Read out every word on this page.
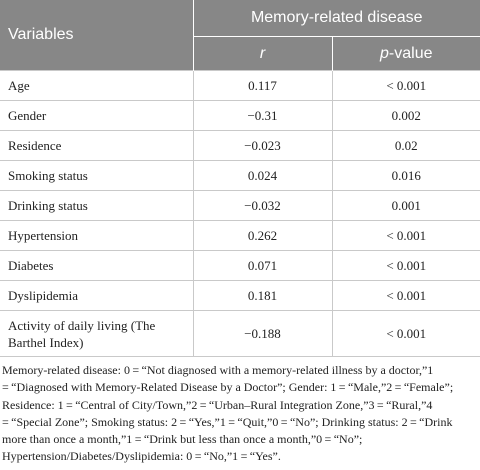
Variables	Memory-related disease	
	r	p-value
Age	0.117	< 0.001
Gender	−0.31	0.002
Residence	−0.023	0.02
Smoking status	0.024	0.016
Drinking status	−0.032	0.001
Hypertension	0.262	< 0.001
Diabetes	0.071	< 0.001
Dyslipidemia	0.181	< 0.001
Activity of daily living (The Barthel Index)	−0.188	< 0.001

Memory-related disease: 0 = “Not diagnosed with a memory-related illness by a doctor,”1 = “Diagnosed with Memory-Related Disease by a Doctor”; Gender: 1 = “Male,”2 = “Female”; Residence: 1 = “Central of City/Town,”2 = “Urban–Rural Integration Zone,”3 = “Rural,”4 = “Special Zone”; Smoking status: 2 = “Yes,”1 = “Quit,”0 = “No”; Drinking status: 2 = “Drink more than once a month,”1 = “Drink but less than once a month,”0 = “No”; Hypertension/Diabetes/Dyslipidemia: 0 = “No,”1 = “Yes”.
